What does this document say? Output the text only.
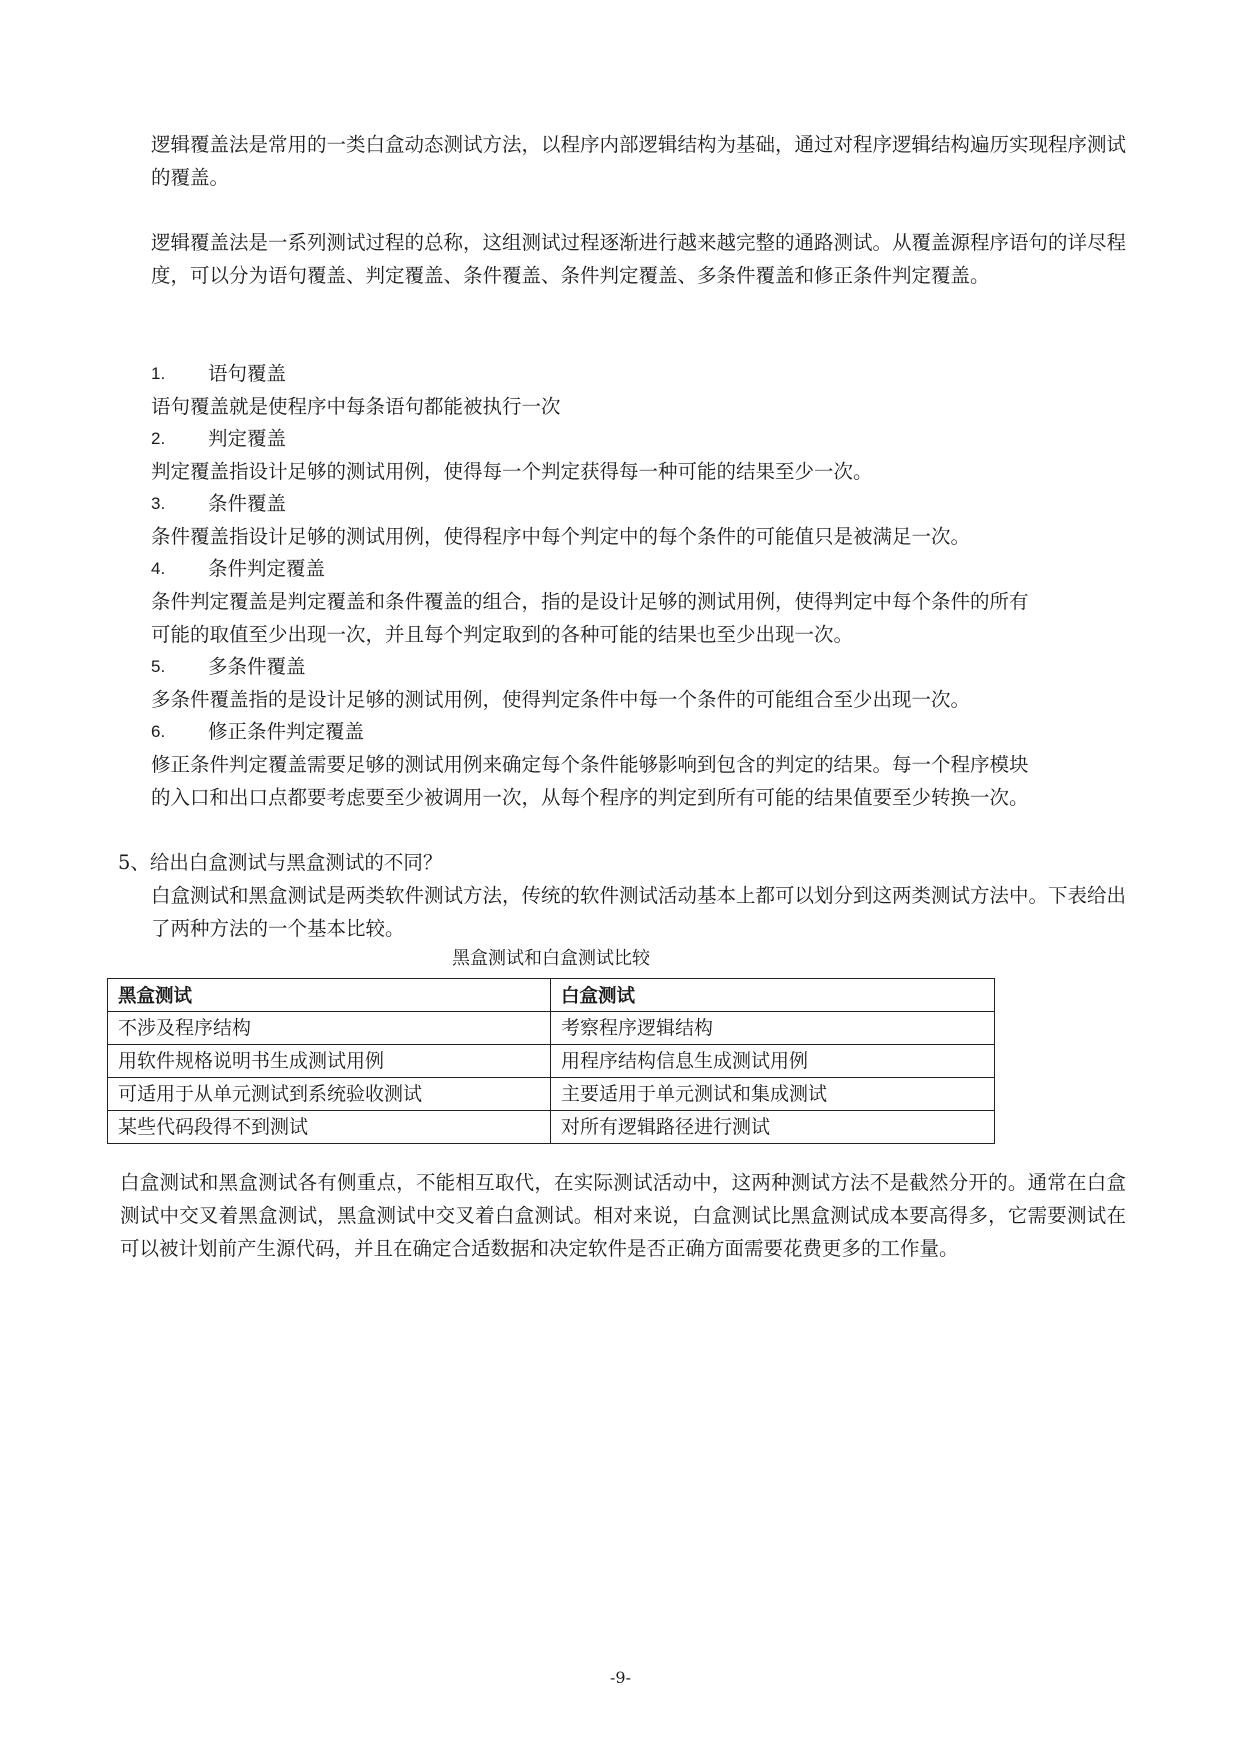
逻辑覆盖法是常用的一类白盒动态测试方法，以程序内部逻辑结构为基础，通过对程序逻辑结构遍历实现程序测试的覆盖。

逻辑覆盖法是一系列测试过程的总称，这组测试过程逐渐进行越来越完整的通路测试。从覆盖源程序语句的详尽程度，可以分为语句覆盖、判定覆盖、条件覆盖、条件判定覆盖、多条件覆盖和修正条件判定覆盖。

1. 语句覆盖
语句覆盖就是使程序中每条语句都能被执行一次
2. 判定覆盖
判定覆盖指设计足够的测试用例，使得每一个判定获得每一种可能的结果至少一次。
3. 条件覆盖
条件覆盖指设计足够的测试用例，使得程序中每个判定中的每个条件的可能值只是被满足一次。
4. 条件判定覆盖
条件判定覆盖是判定覆盖和条件覆盖的组合，指的是设计足够的测试用例，使得判定中每个条件的所有
可能的取值至少出现一次，并且每个判定取到的各种可能的结果也至少出现一次。
5. 多条件覆盖
多条件覆盖指的是设计足够的测试用例，使得判定条件中每一个条件的可能组合至少出现一次。
6. 修正条件判定覆盖
修正条件判定覆盖需要足够的测试用例来确定每个条件能够影响到包含的判定的结果。每一个程序模块
的入口和出口点都要考虑要至少被调用一次，从每个程序的判定到所有可能的结果值要至少转换一次。
5、给出白盒测试与黑盒测试的不同？

白盒测试和黑盒测试是两类软件测试方法，传统的软件测试活动基本上都可以划分到这两类测试方法中。下表给出了两种方法的一个基本比较。

黑盒测试和白盒测试比较
黑盒测试	白盒测试
不涉及程序结构	考察程序逻辑结构
用软件规格说明书生成测试用例	用程序结构信息生成测试用例
可适用于从单元测试到系统验收测试	主要适用于单元测试和集成测试
某些代码段得不到测试	对所有逻辑路径进行测试

白盒测试和黑盒测试各有侧重点，不能相互取代，在实际测试活动中，这两种测试方法不是截然分开的。通常在白盒测试中交叉着黑盒测试，黑盒测试中交叉着白盒测试。相对来说，白盒测试比黑盒测试成本要高得多，它需要测试在可以被计划前产生源代码，并且在确定合适数据和决定软件是否正确方面需要花费更多的工作量。

-9-
